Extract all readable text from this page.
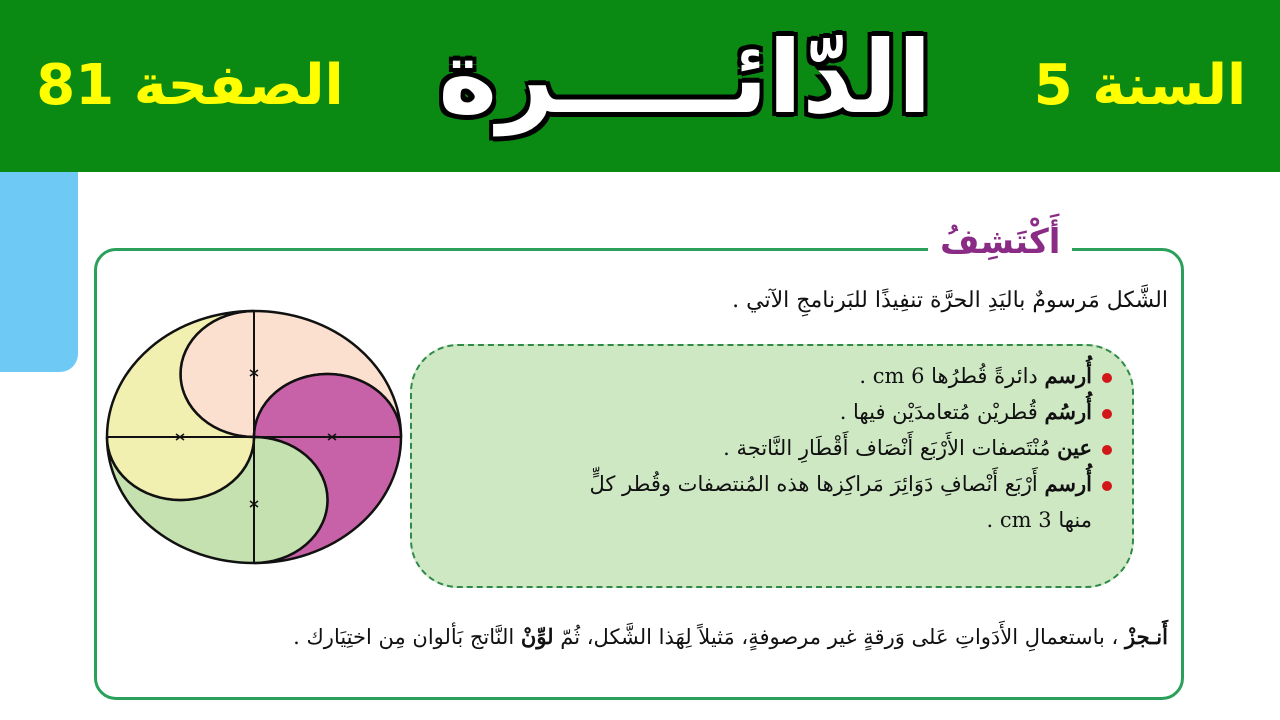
الصفحة 81 الدّائـــــرة	السنة 5
أَكْتَشِفُ
الشَّكل مَرسومٌ باليَدِ الحرَّة تنفِيذًا للبَرنامجِ الآتي .
أُرسم دائرةً قُطرُها 6 cm .
أُرسُم قُطريْن مُتعامدَيْن فيها .
عين مُنْتَصفات الأَرْبَع أَنْصَاف أَقْطَارِ النَّاتجة .
أُرسم أَرْبَع أَنْصافِ دَوَائِرَ مَراكِزها هذه المُنتصفات وقُطر كلٍّ
منها 3 cm .
أَنـجزْ ، باستعمالِ الأَدَواتِ عَلى وَرقةٍ غير مرصوفةٍ، مَثيلاً لِهَذا الشَّكل، ثُمّ لوِّنْ النَّاتج بَألوان مِن اختِيَارك .
